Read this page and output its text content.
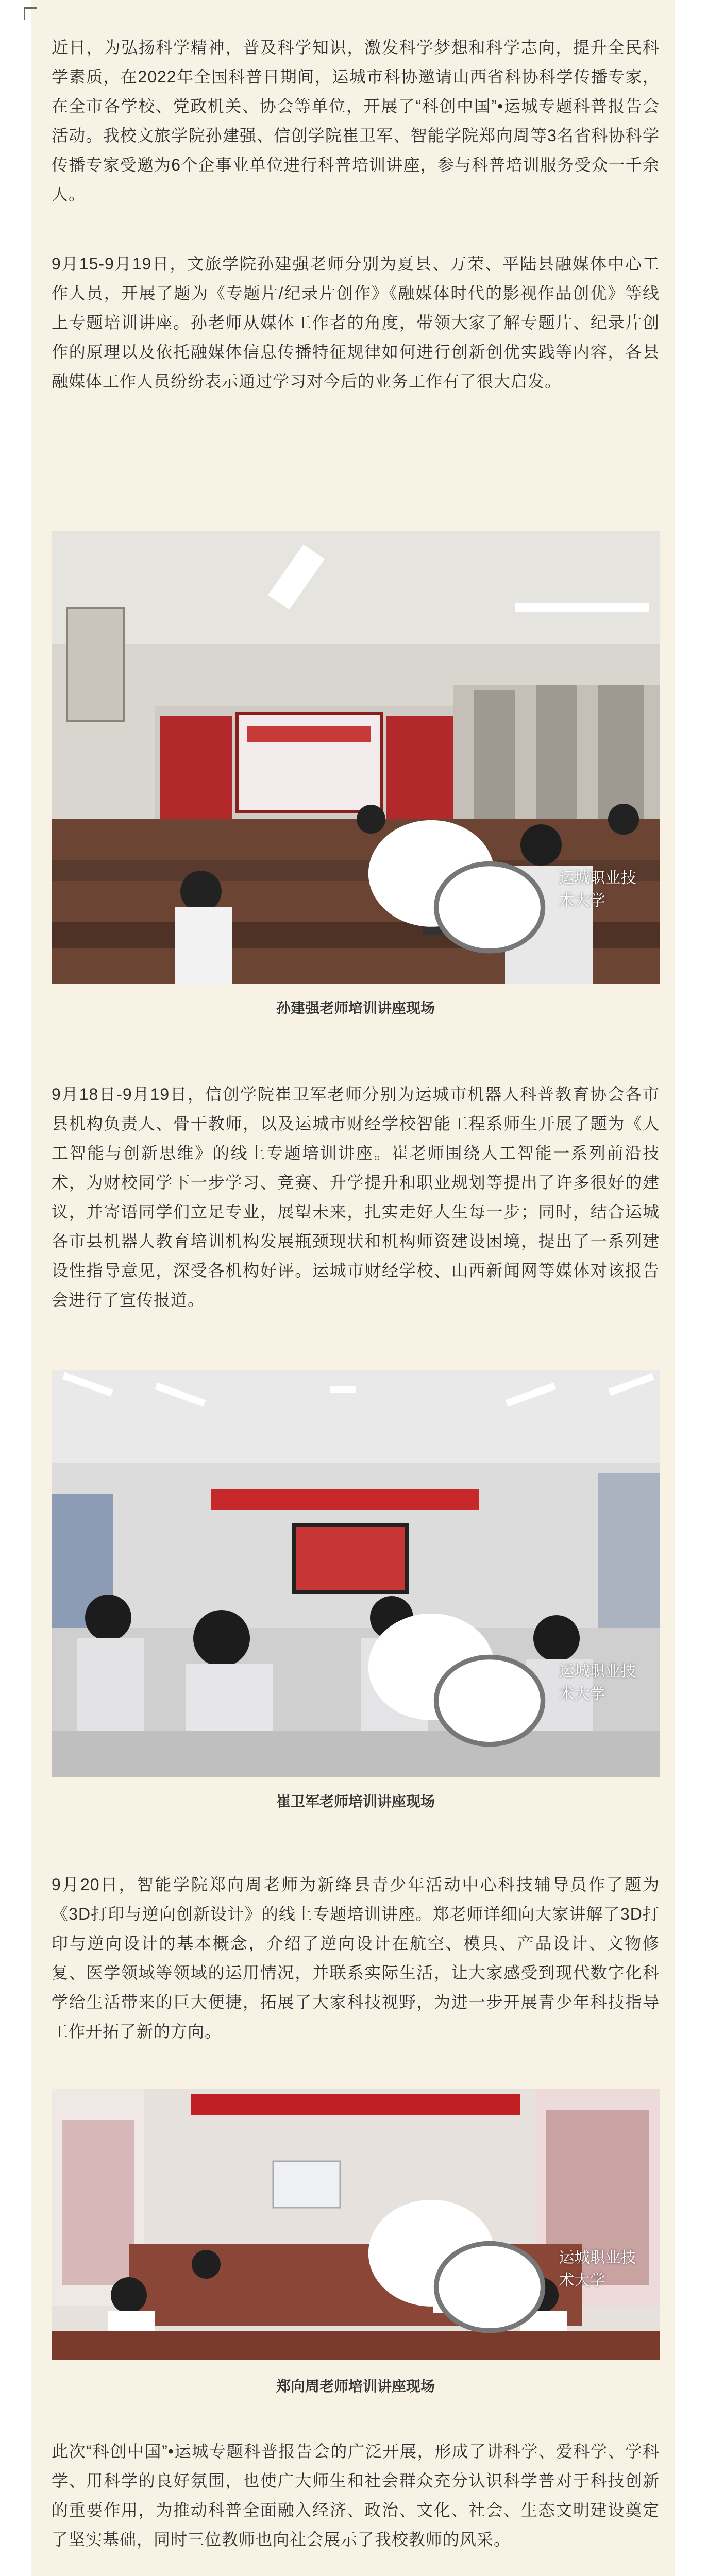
近日，为弘扬科学精神，普及科学知识，激发科学梦想和科学志向，提升全民科学素质，在2022年全国科普日期间，运城市科协邀请山西省科协科学传播专家，在全市各学校、党政机关、协会等单位，开展了“科创中国”•运城专题科普报告会活动。我校文旅学院孙建强、信创学院崔卫军、智能学院郑向周等3名省科协科学传播专家受邀为6个企事业单位进行科普培训讲座，参与科普培训服务受众一千余人。

9月15-9月19日，文旅学院孙建强老师分别为夏县、万荣、平陆县融媒体中心工作人员，开展了题为《专题片/纪录片创作》《融媒体时代的影视作品创优》等线上专题培训讲座。孙老师从媒体工作者的角度，带领大家了解专题片、纪录片创作的原理以及依托融媒体信息传播特征规律如何进行创新创优实践等内容，各县融媒体工作人员纷纷表示通过学习对今后的业务工作有了很大启发。

运城职业技术大学

孙建强老师培训讲座现场

9月18日-9月19日，信创学院崔卫军老师分别为运城市机器人科普教育协会各市县机构负责人、骨干教师，以及运城市财经学校智能工程系师生开展了题为《人工智能与创新思维》的线上专题培训讲座。崔老师围绕人工智能一系列前沿技术，为财校同学下一步学习、竞赛、升学提升和职业规划等提出了许多很好的建议，并寄语同学们立足专业，展望未来，扎实走好人生每一步；同时，结合运城各市县机器人教育培训机构发展瓶颈现状和机构师资建设困境，提出了一系列建设性指导意见，深受各机构好评。运城市财经学校、山西新闻网等媒体对该报告会进行了宣传报道。

运城职业技术大学

崔卫军老师培训讲座现场

9月20日，智能学院郑向周老师为新绛县青少年活动中心科技辅导员作了题为《3D打印与逆向创新设计》的线上专题培训讲座。郑老师详细向大家讲解了3D打印与逆向设计的基本概念，介绍了逆向设计在航空、模具、产品设计、文物修复、医学领域等领域的运用情况，并联系实际生活，让大家感受到现代数字化科学给生活带来的巨大便捷，拓展了大家科技视野，为进一步开展青少年科技指导工作开拓了新的方向。

运城职业技术大学

郑向周老师培训讲座现场

此次“科创中国”•运城专题科普报告会的广泛开展，形成了讲科学、爱科学、学科学、用科学的良好氛围，也使广大师生和社会群众充分认识科学普对于科技创新的重要作用，为推动科普全面融入经济、政治、文化、社会、生态文明建设奠定了坚实基础，同时三位教师也向社会展示了我校教师的风采。
